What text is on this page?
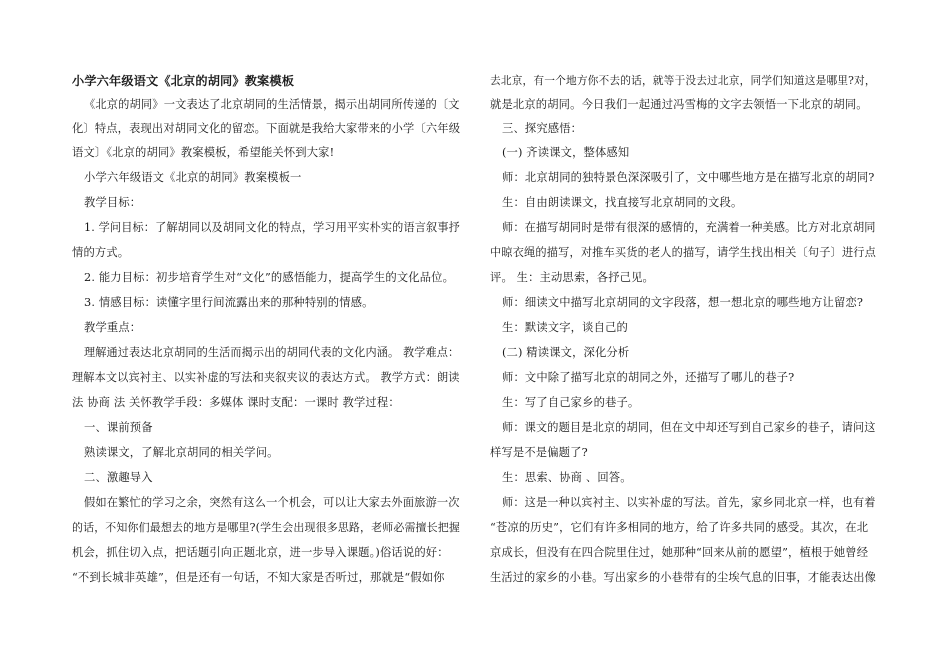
小学六年级语文《北京的胡同》教案模板
《北京的胡同》一文表达了北京胡同的生活情景，揭示出胡同所传递的〔文
化〕特点，表现出对胡同文化的留恋。下面就是我给大家带来的小学〔六年级
语文〕《北京的胡同》教案模板，希望能关怀到大家!
小学六年级语文《北京的胡同》教案模板一
教学目标：
1. 学问目标：了解胡同以及胡同文化的特点，学习用平实朴实的语言叙事抒
情的方式。
2. 能力目标：初步培育学生对“文化”的感悟能力，提高学生的文化品位。
3. 情感目标：读懂字里行间流露出来的那种特别的情感。
教学重点：
理解通过表达北京胡同的生活而揭示出的胡同代表的文化内涵。 教学难点：
理解本文以宾衬主、以实补虚的写法和夹叙夹议的表达方式。 教学方式：朗读
法 协商 法 关怀教学手段：多媒体 课时支配：一课时 教学过程：
一、课前预备
熟读课文，了解北京胡同的相关学问。
二、激趣导入
假如在繁忙的学习之余，突然有这么一个机会，可以让大家去外面旅游一次
的话，不知你们最想去的地方是哪里?(学生会出现很多思路，老师必需擅长把握
机会，抓住切入点，把话题引向正题北京，进一步导入课题。)俗话说的好：
“不到长城非英雄”，但是还有一句话，不知大家是否听过，那就是“假如你
去北京，有一个地方你不去的话，就等于没去过北京，同学们知道这是哪里?对，
就是北京的胡同。今日我们一起通过冯雪梅的文字去领悟一下北京的胡同。
三、探究感悟：
(一) 齐读课文，整体感知
师：北京胡同的独特景色深深吸引了，文中哪些地方是在描写北京的胡同?
生：自由朗读课文，找直接写北京胡同的文段。
师：在描写胡同时是带有很深的感情的，充满着一种美感。比方对北京胡同
中晾衣绳的描写，对推车买货的老人的描写，请学生找出相关〔句子〕进行点
评。 生：主动思索，各抒己见。
师：细读文中描写北京胡同的文字段落，想一想北京的哪些地方让留恋?
生：默读文字，谈自己的
(二) 精读课文，深化分析
师：文中除了描写北京的胡同之外，还描写了哪儿的巷子?
生：写了自己家乡的巷子。
师：课文的题目是北京的胡同，但在文中却还写到自己家乡的巷子，请问这
样写是不是偏题了?
生：思索、协商 、回答。
师：这是一种以宾衬主、以实补虚的写法。首先，家乡同北京一样，也有着
“苍凉的历史”，它们有许多相同的地方，给了许多共同的感受。其次，在北
京成长，但没有在四合院里住过，她那种“回来从前的愿望”，植根于她曾经
生活过的家乡的小巷。写出家乡的小巷带有的尘埃气息的旧事，才能表达出像
